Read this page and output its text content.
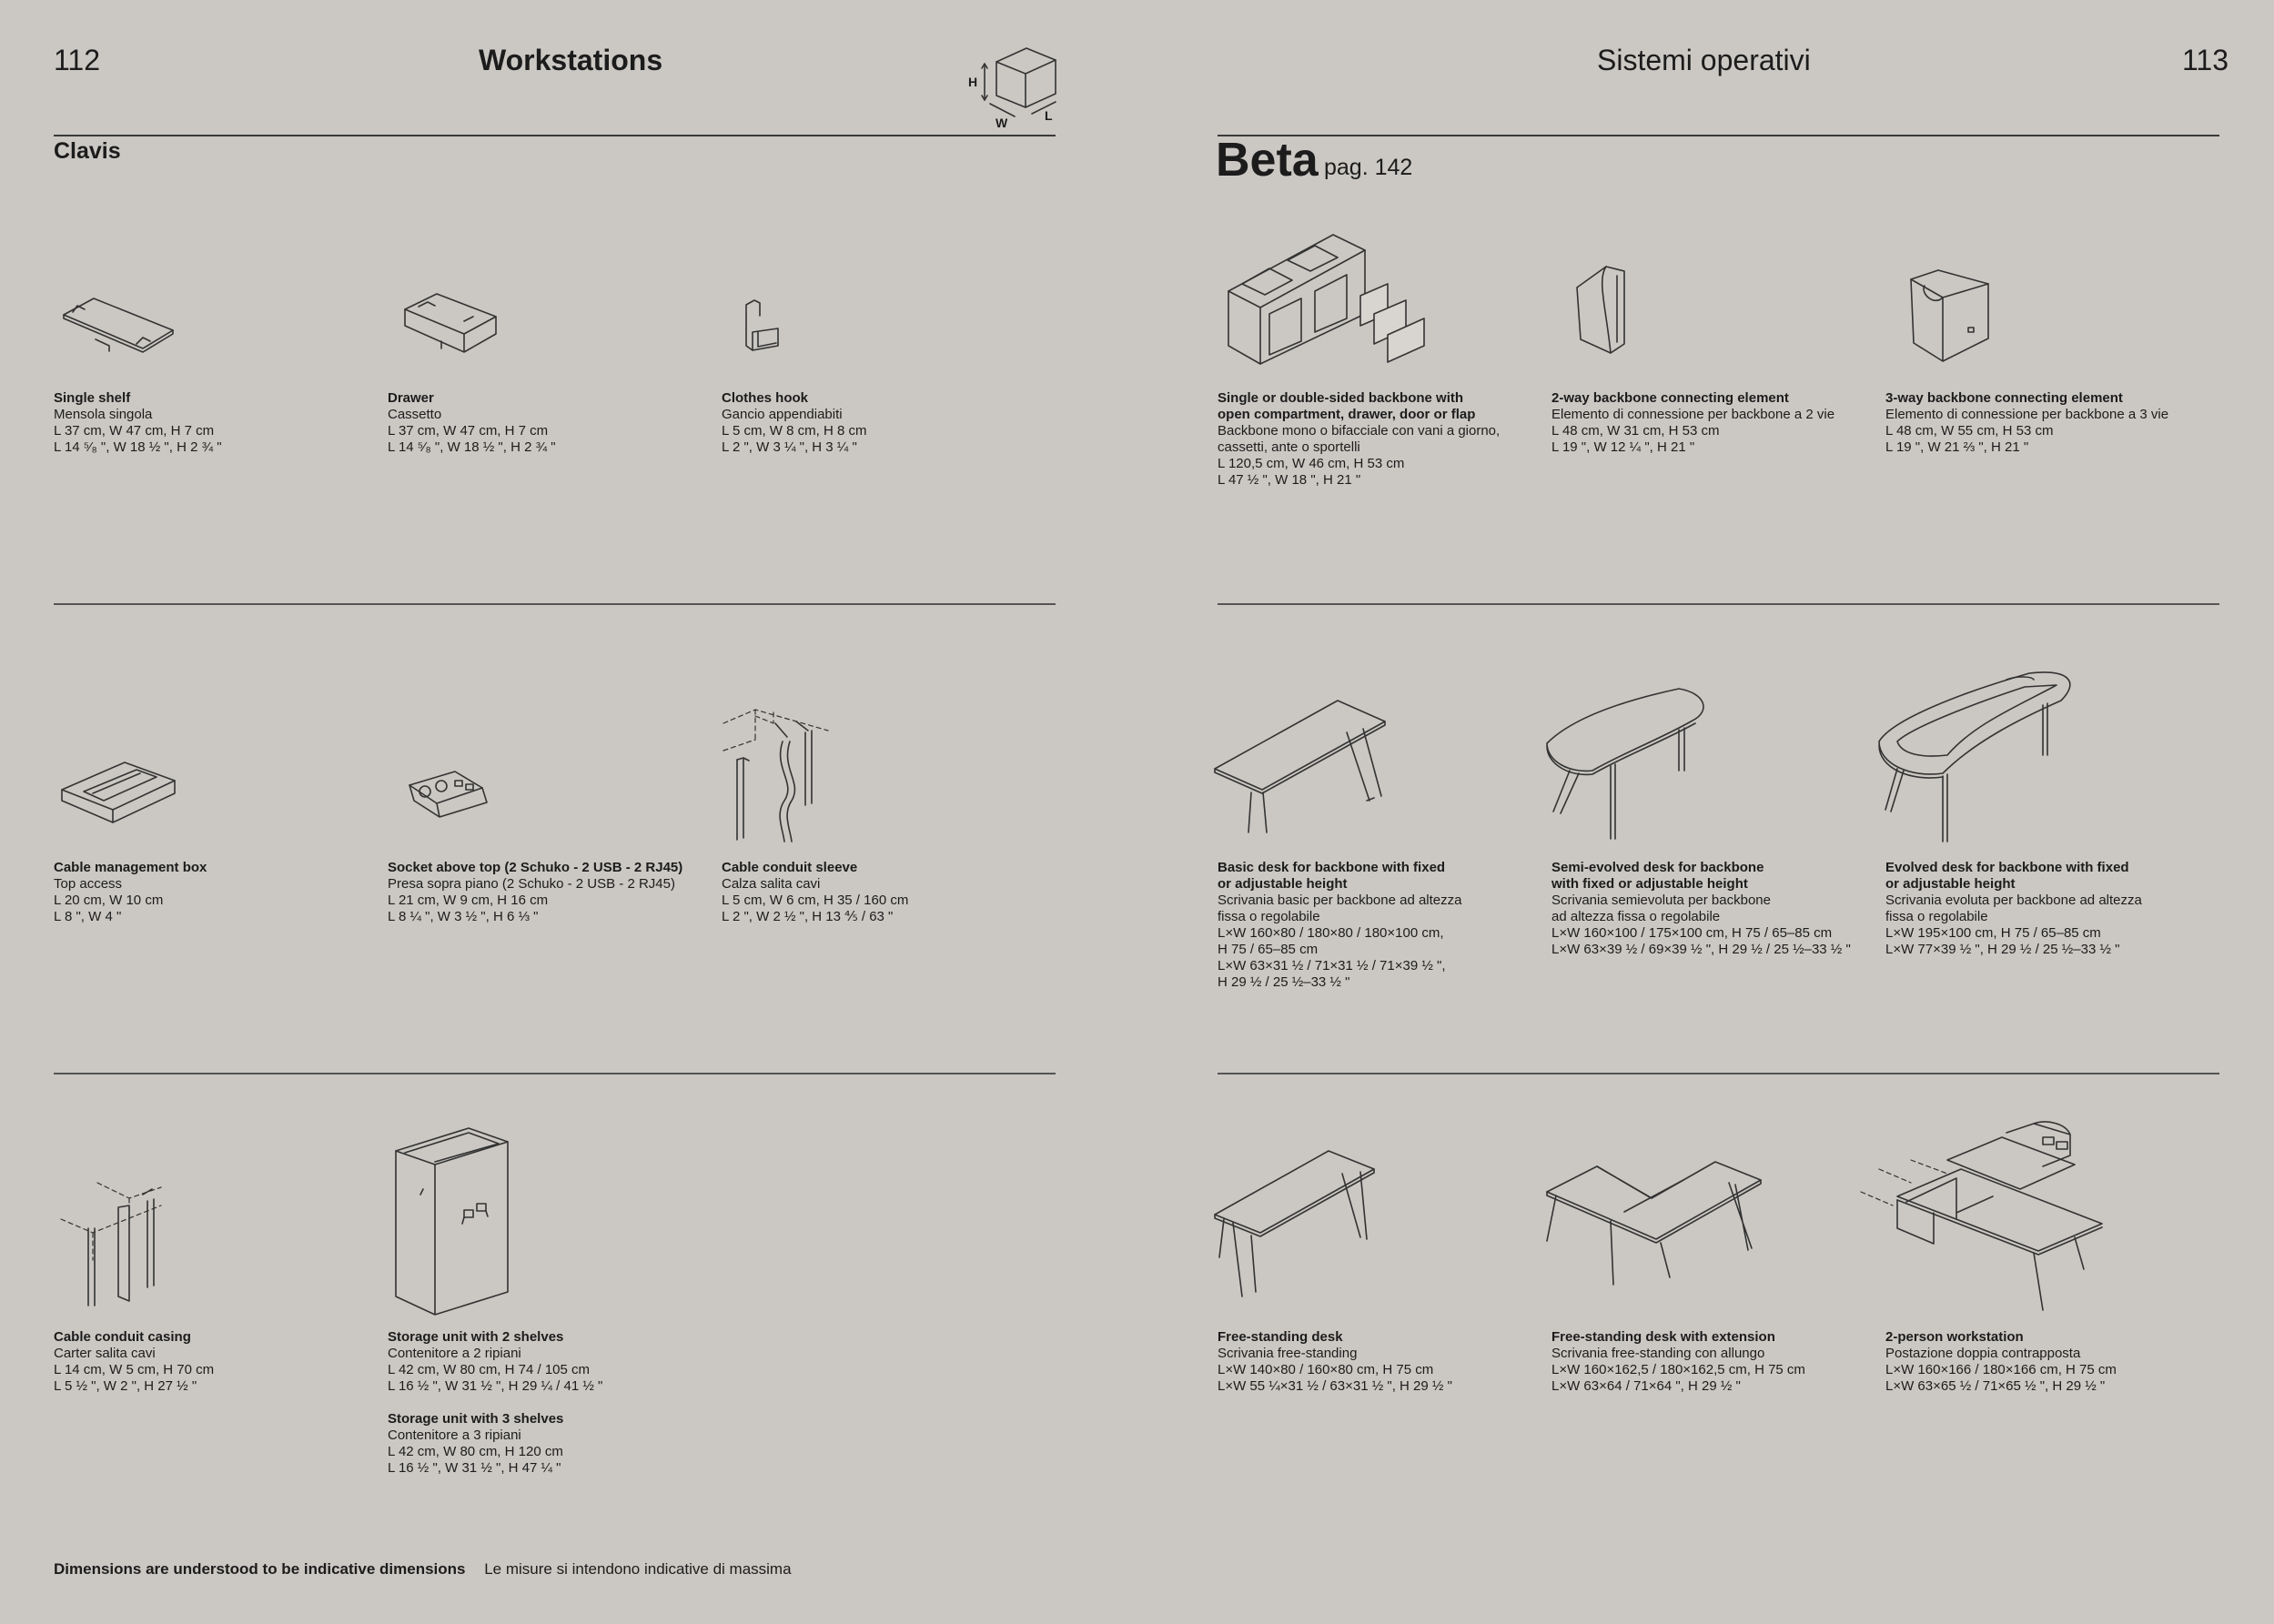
112	Workstations
H
W	L
Clavis
Sistemi operativi	113
Beta pag. 142
Single shelf
Mensola singola
L 37 cm, W 47 cm, H 7 cm
L 14 ⁵⁄₈ ", W 18 ½ ", H 2 ¾ "
Drawer
Cassetto
L 37 cm, W 47 cm, H 7 cm
L 14 ⁵⁄₈ ", W 18 ½ ", H 2 ¾ "
Clothes hook
Gancio appendiabiti
L 5 cm, W 8 cm, H 8 cm
L 2 ", W 3 ¼ ", H 3 ¼ "
Cable management box
Top access
L 20 cm, W 10 cm
L 8 ", W 4 "
Socket above top (2 Schuko - 2 USB - 2 RJ45)
Presa sopra piano (2 Schuko - 2 USB - 2 RJ45)
L 21 cm, W 9 cm, H 16 cm
L 8 ¼ ", W 3 ½ ", H 6 ⅓ "
Cable conduit sleeve
Calza salita cavi
L 5 cm, W 6 cm, H 35 / 160 cm
L 2 ", W 2 ½ ", H 13 ⅘ / 63 "
Cable conduit casing
Carter salita cavi
L 14 cm, W 5 cm, H 70 cm
L 5 ½ ", W 2 ", H 27 ½ "
Storage unit with 2 shelves
Contenitore a 2 ripiani
L 42 cm, W 80 cm, H 74 / 105 cm
L 16 ½ ", W 31 ½ ", H 29 ¼ / 41 ½ "
Storage unit with 3 shelves
Contenitore a 3 ripiani
L 42 cm, W 80 cm, H 120 cm
L 16 ½ ", W 31 ½ ", H 47 ¼ "
Single or double-sided backbone with
open compartment, drawer, door or flap
Backbone mono o bifacciale con vani a giorno,
cassetti, ante o sportelli
L 120,5 cm, W 46 cm, H 53 cm
L 47 ½ ", W 18 ", H 21 "
2-way backbone connecting element
Elemento di connessione per backbone a 2 vie
L 48 cm, W 31 cm, H 53 cm
L 19 ", W 12 ¼ ", H 21 "
3-way backbone connecting element
Elemento di connessione per backbone a 3 vie
L 48 cm, W 55 cm, H 53 cm
L 19 ", W 21 ⅔ ", H 21 "
Basic desk for backbone with fixed
or adjustable height
Scrivania basic per backbone ad altezza
fissa o regolabile
L×W 160×80 / 180×80 / 180×100 cm,
H 75 / 65–85 cm
L×W 63×31 ½ / 71×31 ½ / 71×39 ½ ",
H 29 ½ / 25 ½–33 ½ "
Semi-evolved desk for backbone
with fixed or adjustable height
Scrivania semievoluta per backbone
ad altezza fissa o regolabile
L×W 160×100 / 175×100 cm, H 75 / 65–85 cm
L×W 63×39 ½ / 69×39 ½ ", H 29 ½ / 25 ½–33 ½ "
Evolved desk for backbone with fixed
or adjustable height
Scrivania evoluta per backbone ad altezza
fissa o regolabile
L×W 195×100 cm, H 75 / 65–85 cm
L×W 77×39 ½ ", H 29 ½ / 25 ½–33 ½ "
Free-standing desk
Scrivania free-standing
L×W 140×80 / 160×80 cm, H 75 cm
L×W 55 ¼×31 ½ / 63×31 ½ ", H 29 ½ "
Free-standing desk with extension
Scrivania free-standing con allungo
L×W 160×162,5 / 180×162,5 cm, H 75 cm
L×W 63×64 / 71×64 ", H 29 ½ "
2-person workstation
Postazione doppia contrapposta
L×W 160×166 / 180×166 cm, H 75 cm
L×W 63×65 ½ / 71×65 ½ ", H 29 ½ "
Dimensions are understood to be indicative dimensions Le misure si intendono indicative di massima
